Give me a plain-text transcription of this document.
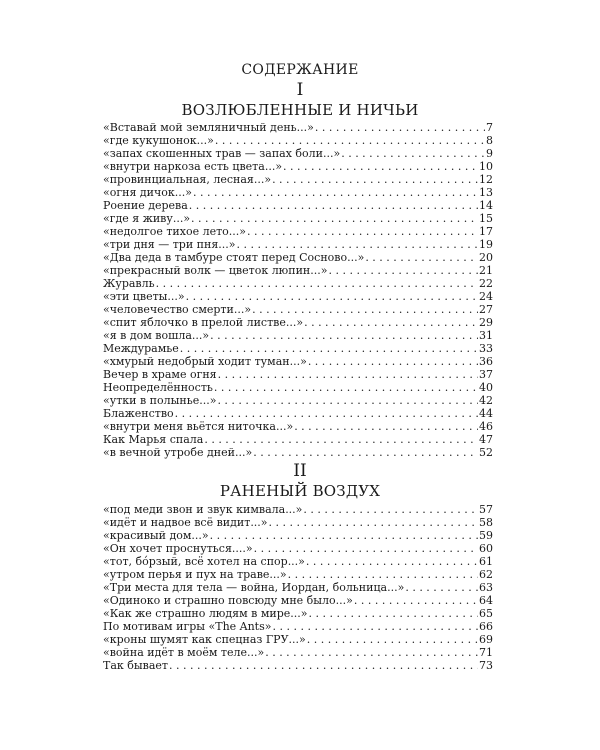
СОДЕРЖАНИЕ
I
ВОЗЛЮБЛЕННЫЕ И НИЧЬИ
«Вставай мой земляничный день...» . . .	7
«где кукушонок...» . . .	8
«запах скошенных трав — запах боли...» . . .	9
«внутри наркоза есть цвета...» . . .	10
«провинциальная, лесная...» . . .	12
«огня дичок...» . . .	13
Роение дерева . . .	14
«где я живу...» . . .	15
«недолгое тихое лето...» . . .	17
«три дня — три пня...» . . .	19
«Два деда в тамбуре стоят перед Сосново...» . . .	20
«прекрасный волк — цветок люпин...» . . .	21
Журавль . . .	22
«эти цветы...» . . .	24
«человечество смерти...» . . .	27
«спит яблочко в прелой листве...» . . .	29
«я в дом вошла...» . . .	31
Междурамье . . .	33
«хмурый недобрый ходит туман...» . . .	36
Вечер в храме огня . . .	37
Неопределённость . . .	40
«утки в полынье...» . . .	42
Блаженство . . .	44
«внутри меня вьётся ниточка...» . . .	46
Как Марья спала . . .	47
«в вечной утробе дней...» . . .	52
II
РАНЕНЫЙ ВОЗДУХ
«под меди звон и звук кимвала...» . . .	57
«идёт и надвое всё видит...» . . .	58
«красивый дом...» . . .	59
«Он хочет проснуться....» . . .	60
«тот, бóрзый, всё хотел на спор...» . . .	61
«утром перья и пух на траве...» . . .	62
«Три места для тела — война, Иордан, больница...» . . .	63
«Одиноко и страшно повсюду мне было...» . . .	64
«Как же страшно людям в мире...» . . .	65
По мотивам игры «The Ants» . . .	66
«кроны шумят как спецназ ГРУ...» . . .	69
«война идёт в моём теле...» . . .	71
Так бывает . . .	73
